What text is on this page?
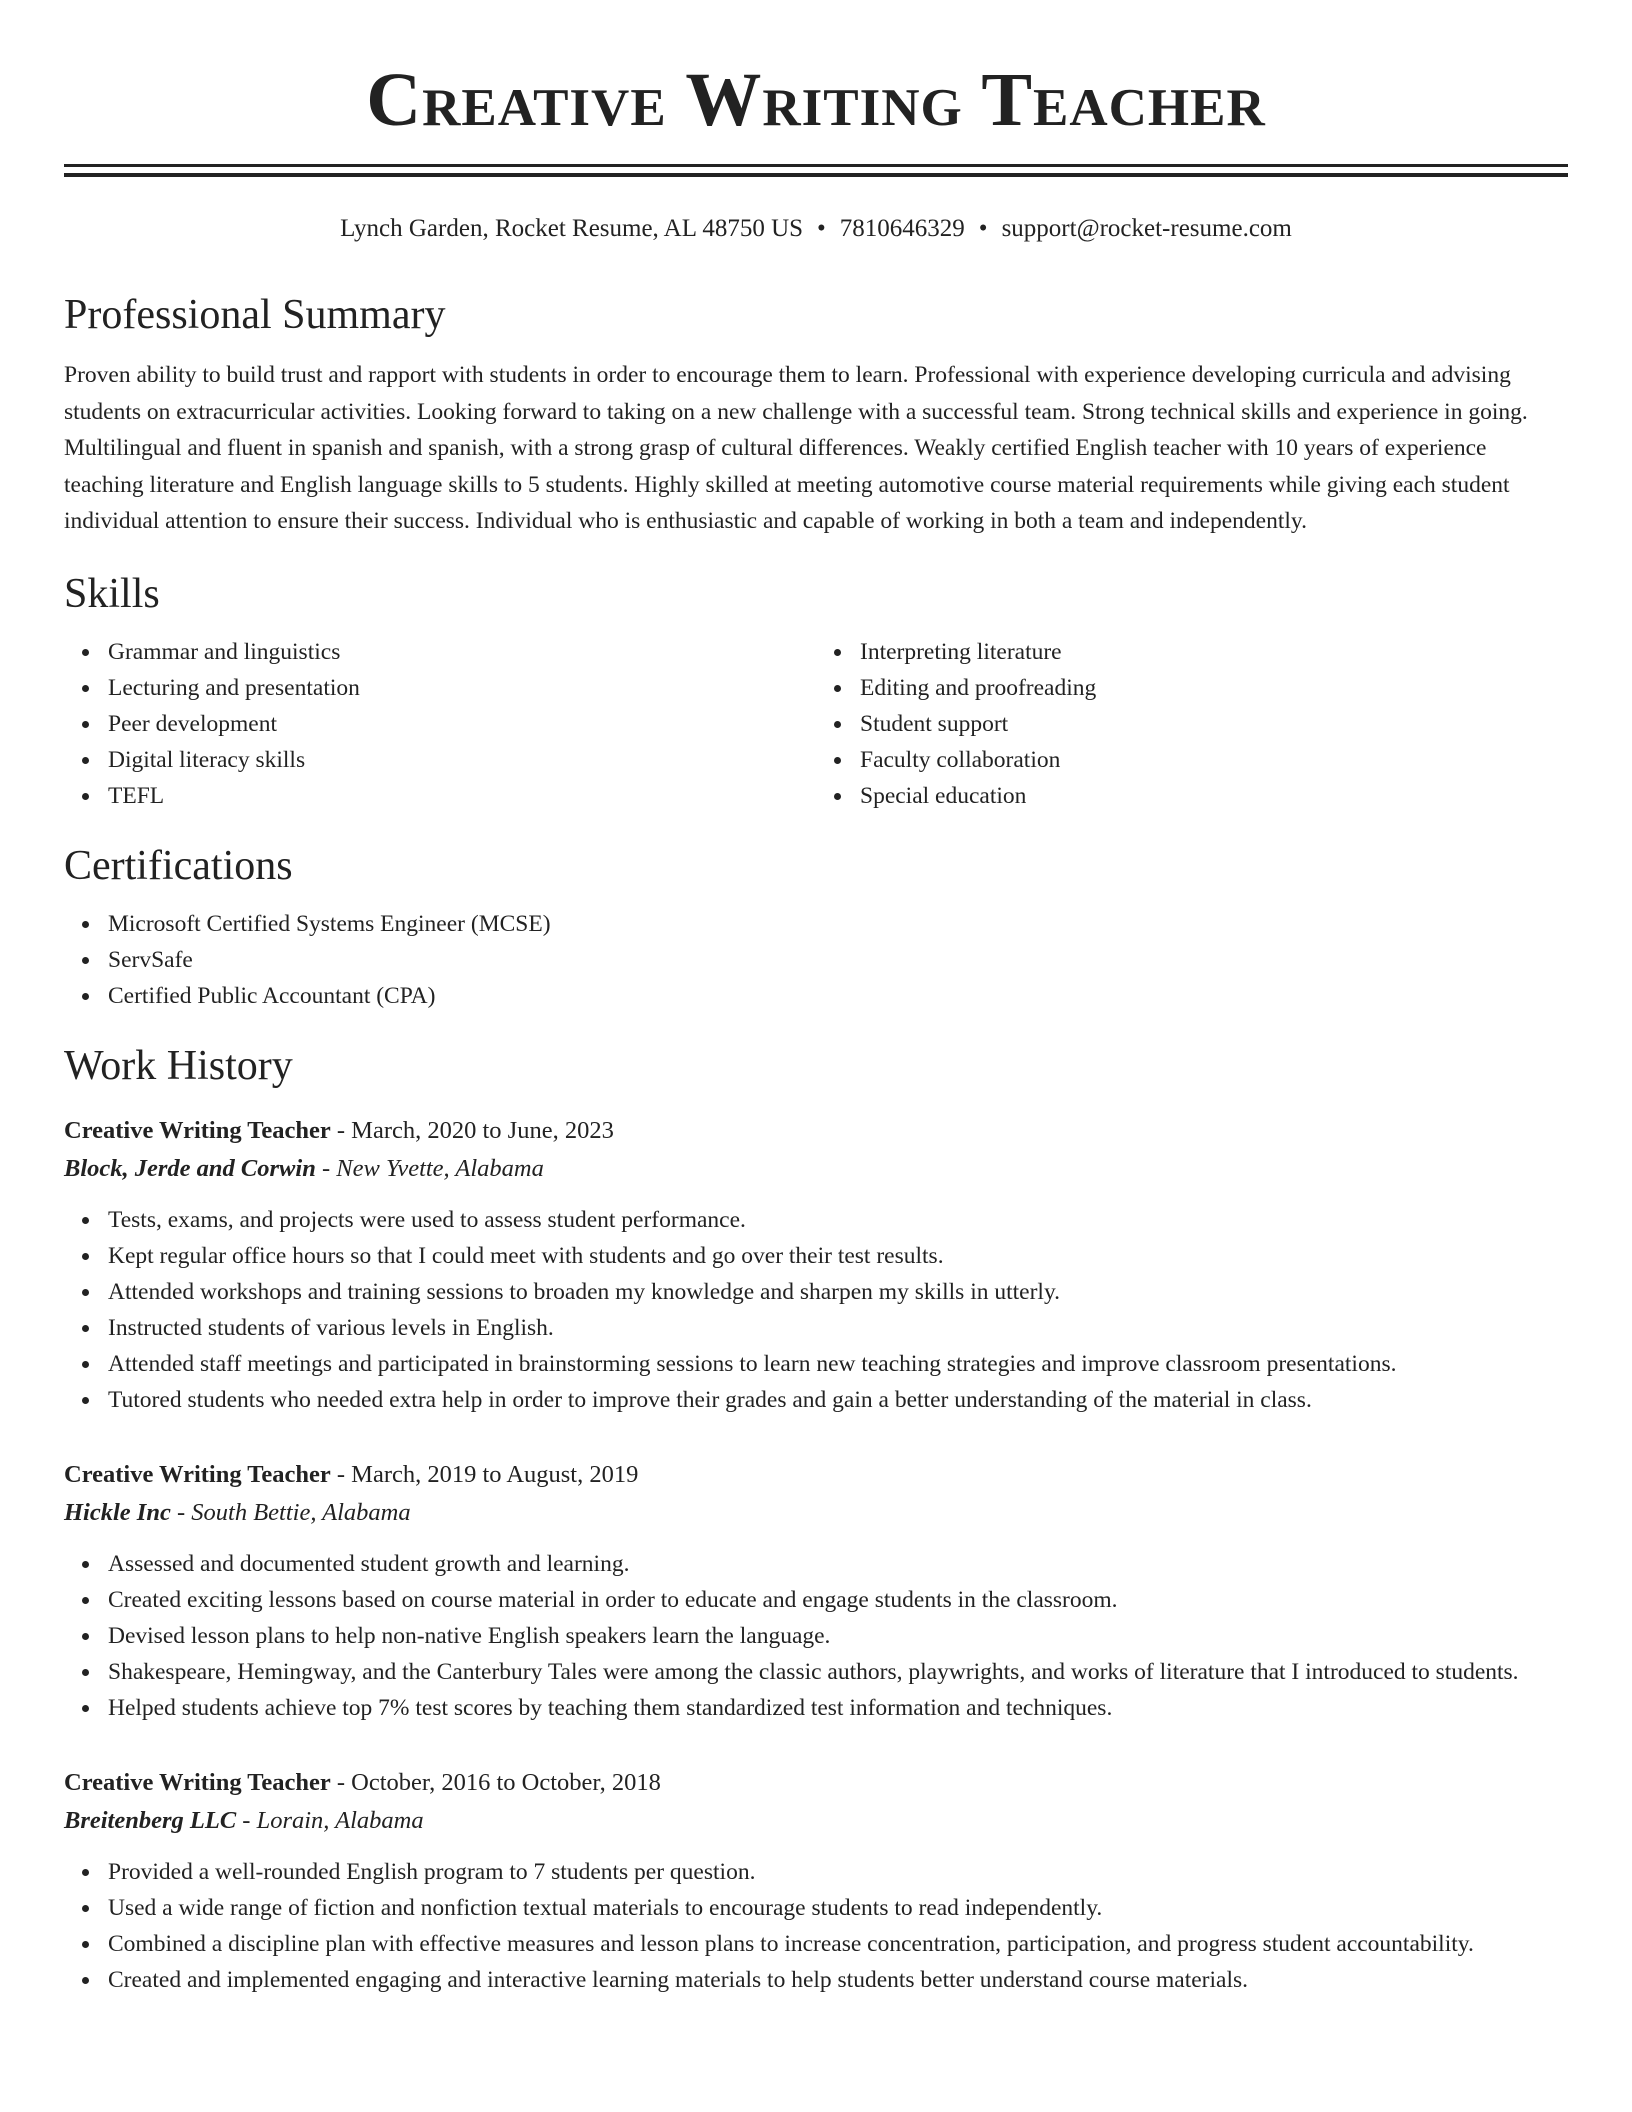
Creative Writing Teacher
Lynch Garden, Rocket Resume, AL 48750 US • 7810646329 • support@rocket-resume.com
Professional Summary

Proven ability to build trust and rapport with students in order to encourage them to learn. Professional with experience developing curricula and advising students on extracurricular activities. Looking forward to taking on a new challenge with a successful team. Strong technical skills and experience in going. Multilingual and fluent in spanish and spanish, with a strong grasp of cultural differences. Weakly certified English teacher with 10 years of experience teaching literature and English language skills to 5 students. Highly skilled at meeting automotive course material requirements while giving each student individual attention to ensure their success. Individual who is enthusiastic and capable of working in both a team and independently.

Skills
Grammar and linguistics
Lecturing and presentation
Peer development
Digital literacy skills
TEFL
Interpreting literature
Editing and proofreading
Student support
Faculty collaboration
Special education
Certifications
Microsoft Certified Systems Engineer (MCSE)
ServSafe
Certified Public Accountant (CPA)
Work History
Creative Writing Teacher - March, 2020 to June, 2023
Block, Jerde and Corwin - New Yvette, Alabama
Tests, exams, and projects were used to assess student performance.
Kept regular office hours so that I could meet with students and go over their test results.
Attended workshops and training sessions to broaden my knowledge and sharpen my skills in utterly.
Instructed students of various levels in English.
Attended staff meetings and participated in brainstorming sessions to learn new teaching strategies and improve classroom presentations.
Tutored students who needed extra help in order to improve their grades and gain a better understanding of the material in class.
Creative Writing Teacher - March, 2019 to August, 2019
Hickle Inc - South Bettie, Alabama
Assessed and documented student growth and learning.
Created exciting lessons based on course material in order to educate and engage students in the classroom.
Devised lesson plans to help non-native English speakers learn the language.
Shakespeare, Hemingway, and the Canterbury Tales were among the classic authors, playwrights, and works of literature that I introduced to students.
Helped students achieve top 7% test scores by teaching them standardized test information and techniques.
Creative Writing Teacher - October, 2016 to October, 2018
Breitenberg LLC - Lorain, Alabama
Provided a well-rounded English program to 7 students per question.
Used a wide range of fiction and nonfiction textual materials to encourage students to read independently.
Combined a discipline plan with effective measures and lesson plans to increase concentration, participation, and progress student accountability.
Created and implemented engaging and interactive learning materials to help students better understand course materials.
